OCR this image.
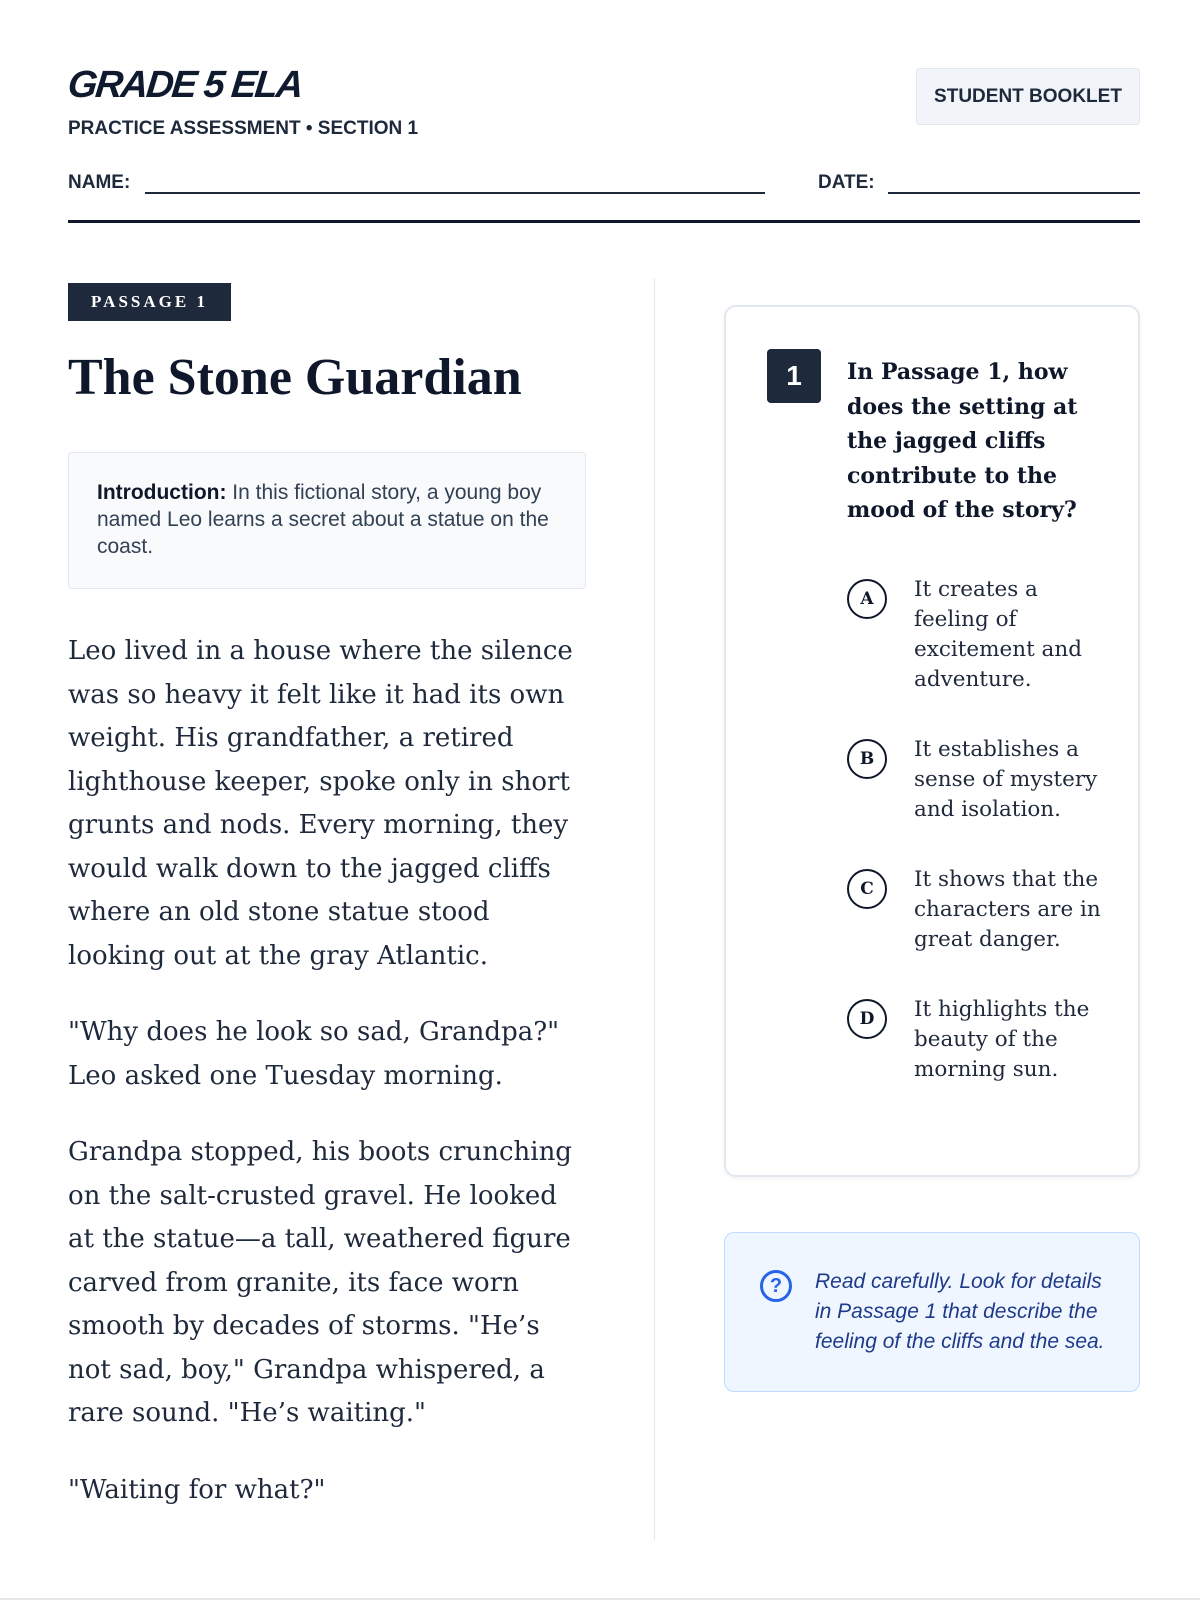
GRADE 5 ELA
PRACTICE ASSESSMENT • SECTION 1
STUDENT BOOKLET
NAME:	DATE:
PASSAGE 1
The Stone Guardian
Introduction: In this fictional story, a young boy named Leo learns a secret about a statue on the coast.

Leo lived in a house where the silence was so heavy it felt like it had its own weight. His grandfather, a retired lighthouse keeper, spoke only in short grunts and nods. Every morning, they would walk down to the jagged cliffs where an old stone statue stood looking out at the gray Atlantic.

"Why does he look so sad, Grandpa?" Leo asked one Tuesday morning.

Grandpa stopped, his boots crunching on the salt-crusted gravel. He looked at the statue—a tall, weathered figure carved from granite, its face worn smooth by decades of storms. "He’s not sad, boy," Grandpa whispered, a rare sound. "He’s waiting."

"Waiting for what?"

1	In Passage 1, how does the setting at the jagged cliffs contribute to the mood of the story?
A	It creates a feeling of excitement and adventure.
B	It establishes a sense of mystery and isolation.
C	It shows that the characters are in great danger.
D	It highlights the beauty of the morning sun.
?	Read carefully. Look for details in Passage 1 that describe the feeling of the cliffs and the sea.
